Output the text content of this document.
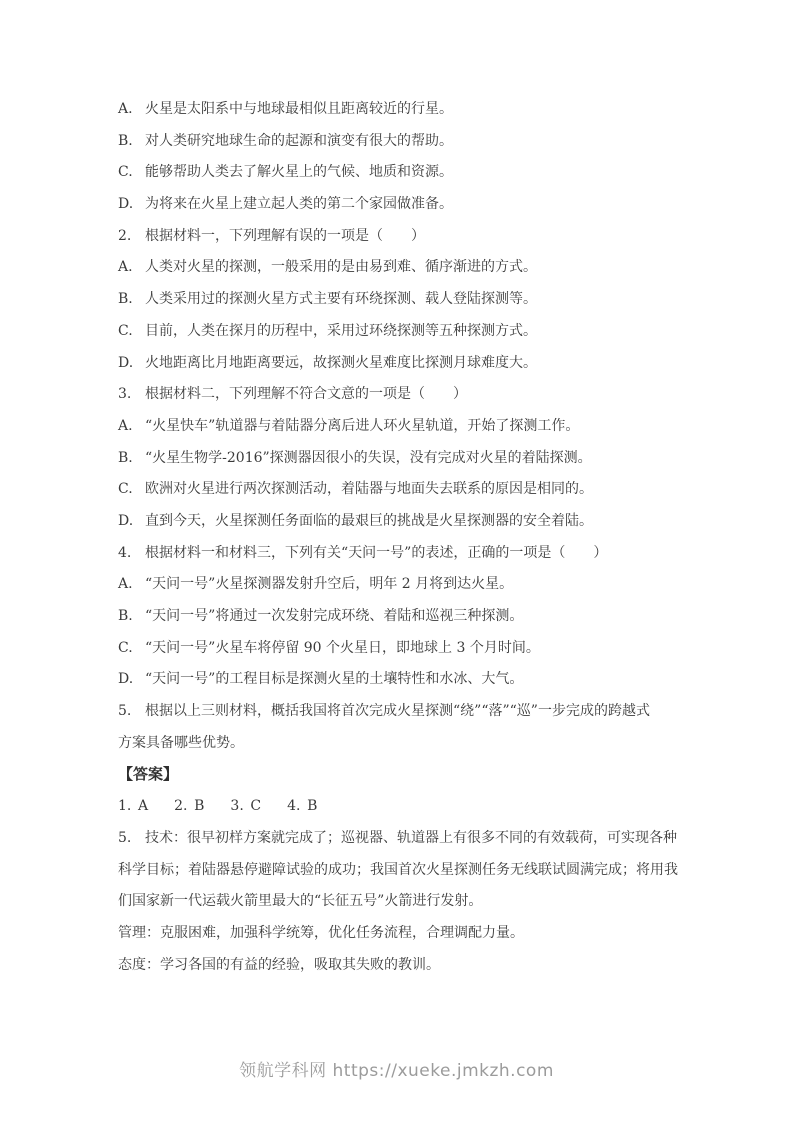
A. 火星是太阳系中与地球最相似且距离较近的行星。
B. 对人类研究地球生命的起源和演变有很大的帮助。
C. 能够帮助人类去了解火星上的气候、地质和资源。
D. 为将来在火星上建立起人类的第二个家园做准备。
2. 根据材料一，下列理解有误的一项是（　　）
A. 人类对火星的探测，一般采用的是由易到难、循序渐进的方式。
B. 人类采用过的探测火星方式主要有环绕探测、载人登陆探测等。
C. 目前，人类在探月的历程中，采用过环绕探测等五种探测方式。
D. 火地距离比月地距离要远，故探测火星难度比探测月球难度大。
3. 根据材料二，下列理解不符合文意的一项是（　　）
A. “火星快车”轨道器与着陆器分离后进人环火星轨道，开始了探测工作。
B. “火星生物学-2016”探测器因很小的失误，没有完成对火星的着陆探测。
C. 欧洲对火星进行两次探测活动，着陆器与地面失去联系的原因是相同的。
D. 直到今天，火星探测任务面临的最艰巨的挑战是火星探测器的安全着陆。
4. 根据材料一和材料三，下列有关“天问一号”的表述，正确的一项是（　　）
A. “天问一号”火星探测器发射升空后，明年 2 月将到达火星。
B. “天问一号”将通过一次发射完成环绕、着陆和巡视三种探测。
C. “天问一号”火星车将停留 90 个火星日，即地球上 3 个月时间。
D. “天问一号”的工程目标是探测火星的土壤特性和水冰、大气。
5. 根据以上三则材料，概括我国将首次完成火星探测“绕”“落”“巡”一步完成的跨越式
方案具备哪些优势。
【答案】
1. A 2. B 3. C 4. B
5. 技术：很早初样方案就完成了；巡视器、轨道器上有很多不同的有效载荷，可实现各种
科学目标；着陆器悬停避障试验的成功；我国首次火星探测任务无线联试圆满完成；将用我
们国家新一代运载火箭里最大的“长征五号”火箭进行发射。
管理：克服困难，加强科学统筹，优化任务流程，合理调配力量。
态度：学习各国的有益的经验，吸取其失败的教训。
领航学科网 https://xueke.jmkzh.com
